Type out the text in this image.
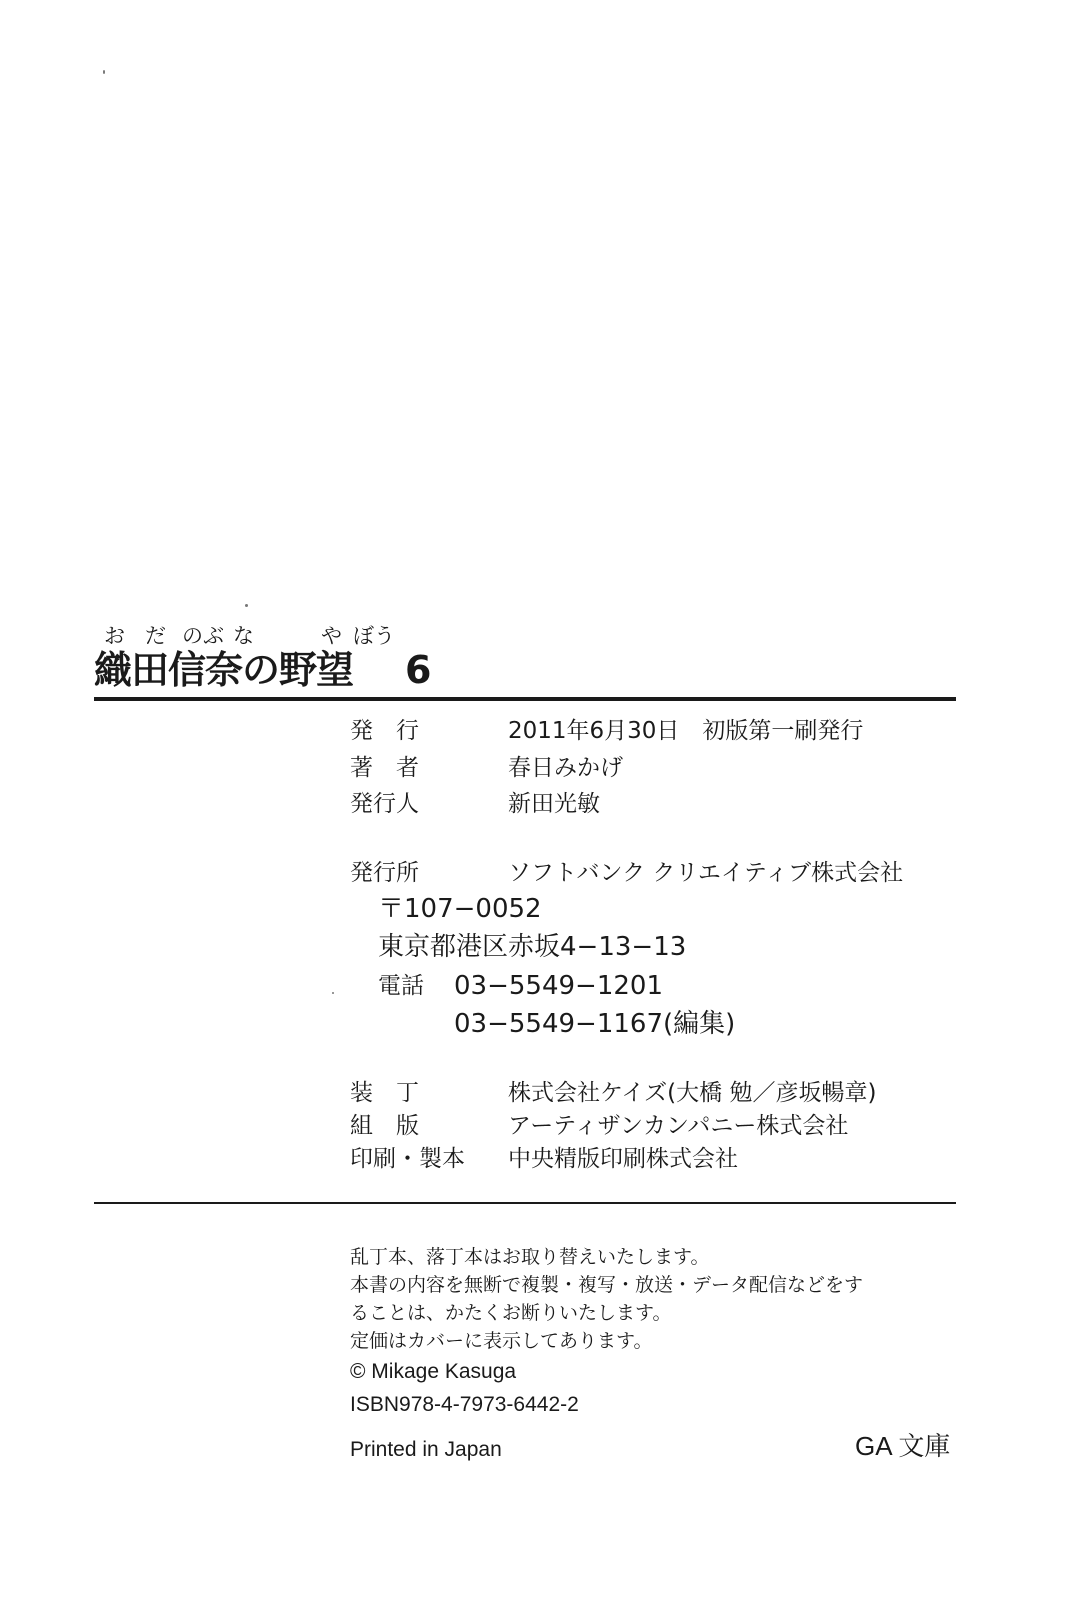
お だ のぶ な	や ぼう
織田信奈の野望 6
発　行	2011年6月30日　初版第一刷発行
著　者	春日みかげ
発行人	新田光敏
発行所	ソフトバンク クリエイティブ株式会社
〒107−0052
東京都港区赤坂4−13−13
電話 03−5549−1201
03−5549−1167(編集)
装　丁	株式会社ケイズ(大橋 勉／彦坂暢章)
組　版	アーティザンカンパニー株式会社
印刷・製本 中央精版印刷株式会社
乱丁本、落丁本はお取り替えいたします。
本書の内容を無断で複製・複写・放送・データ配信などをす
ることは、かたくお断りいたします。
定価はカバーに表示してあります。
© Mikage Kasuga
ISBN978-4-7973-6442-2
Printed in Japan	GA 文庫
